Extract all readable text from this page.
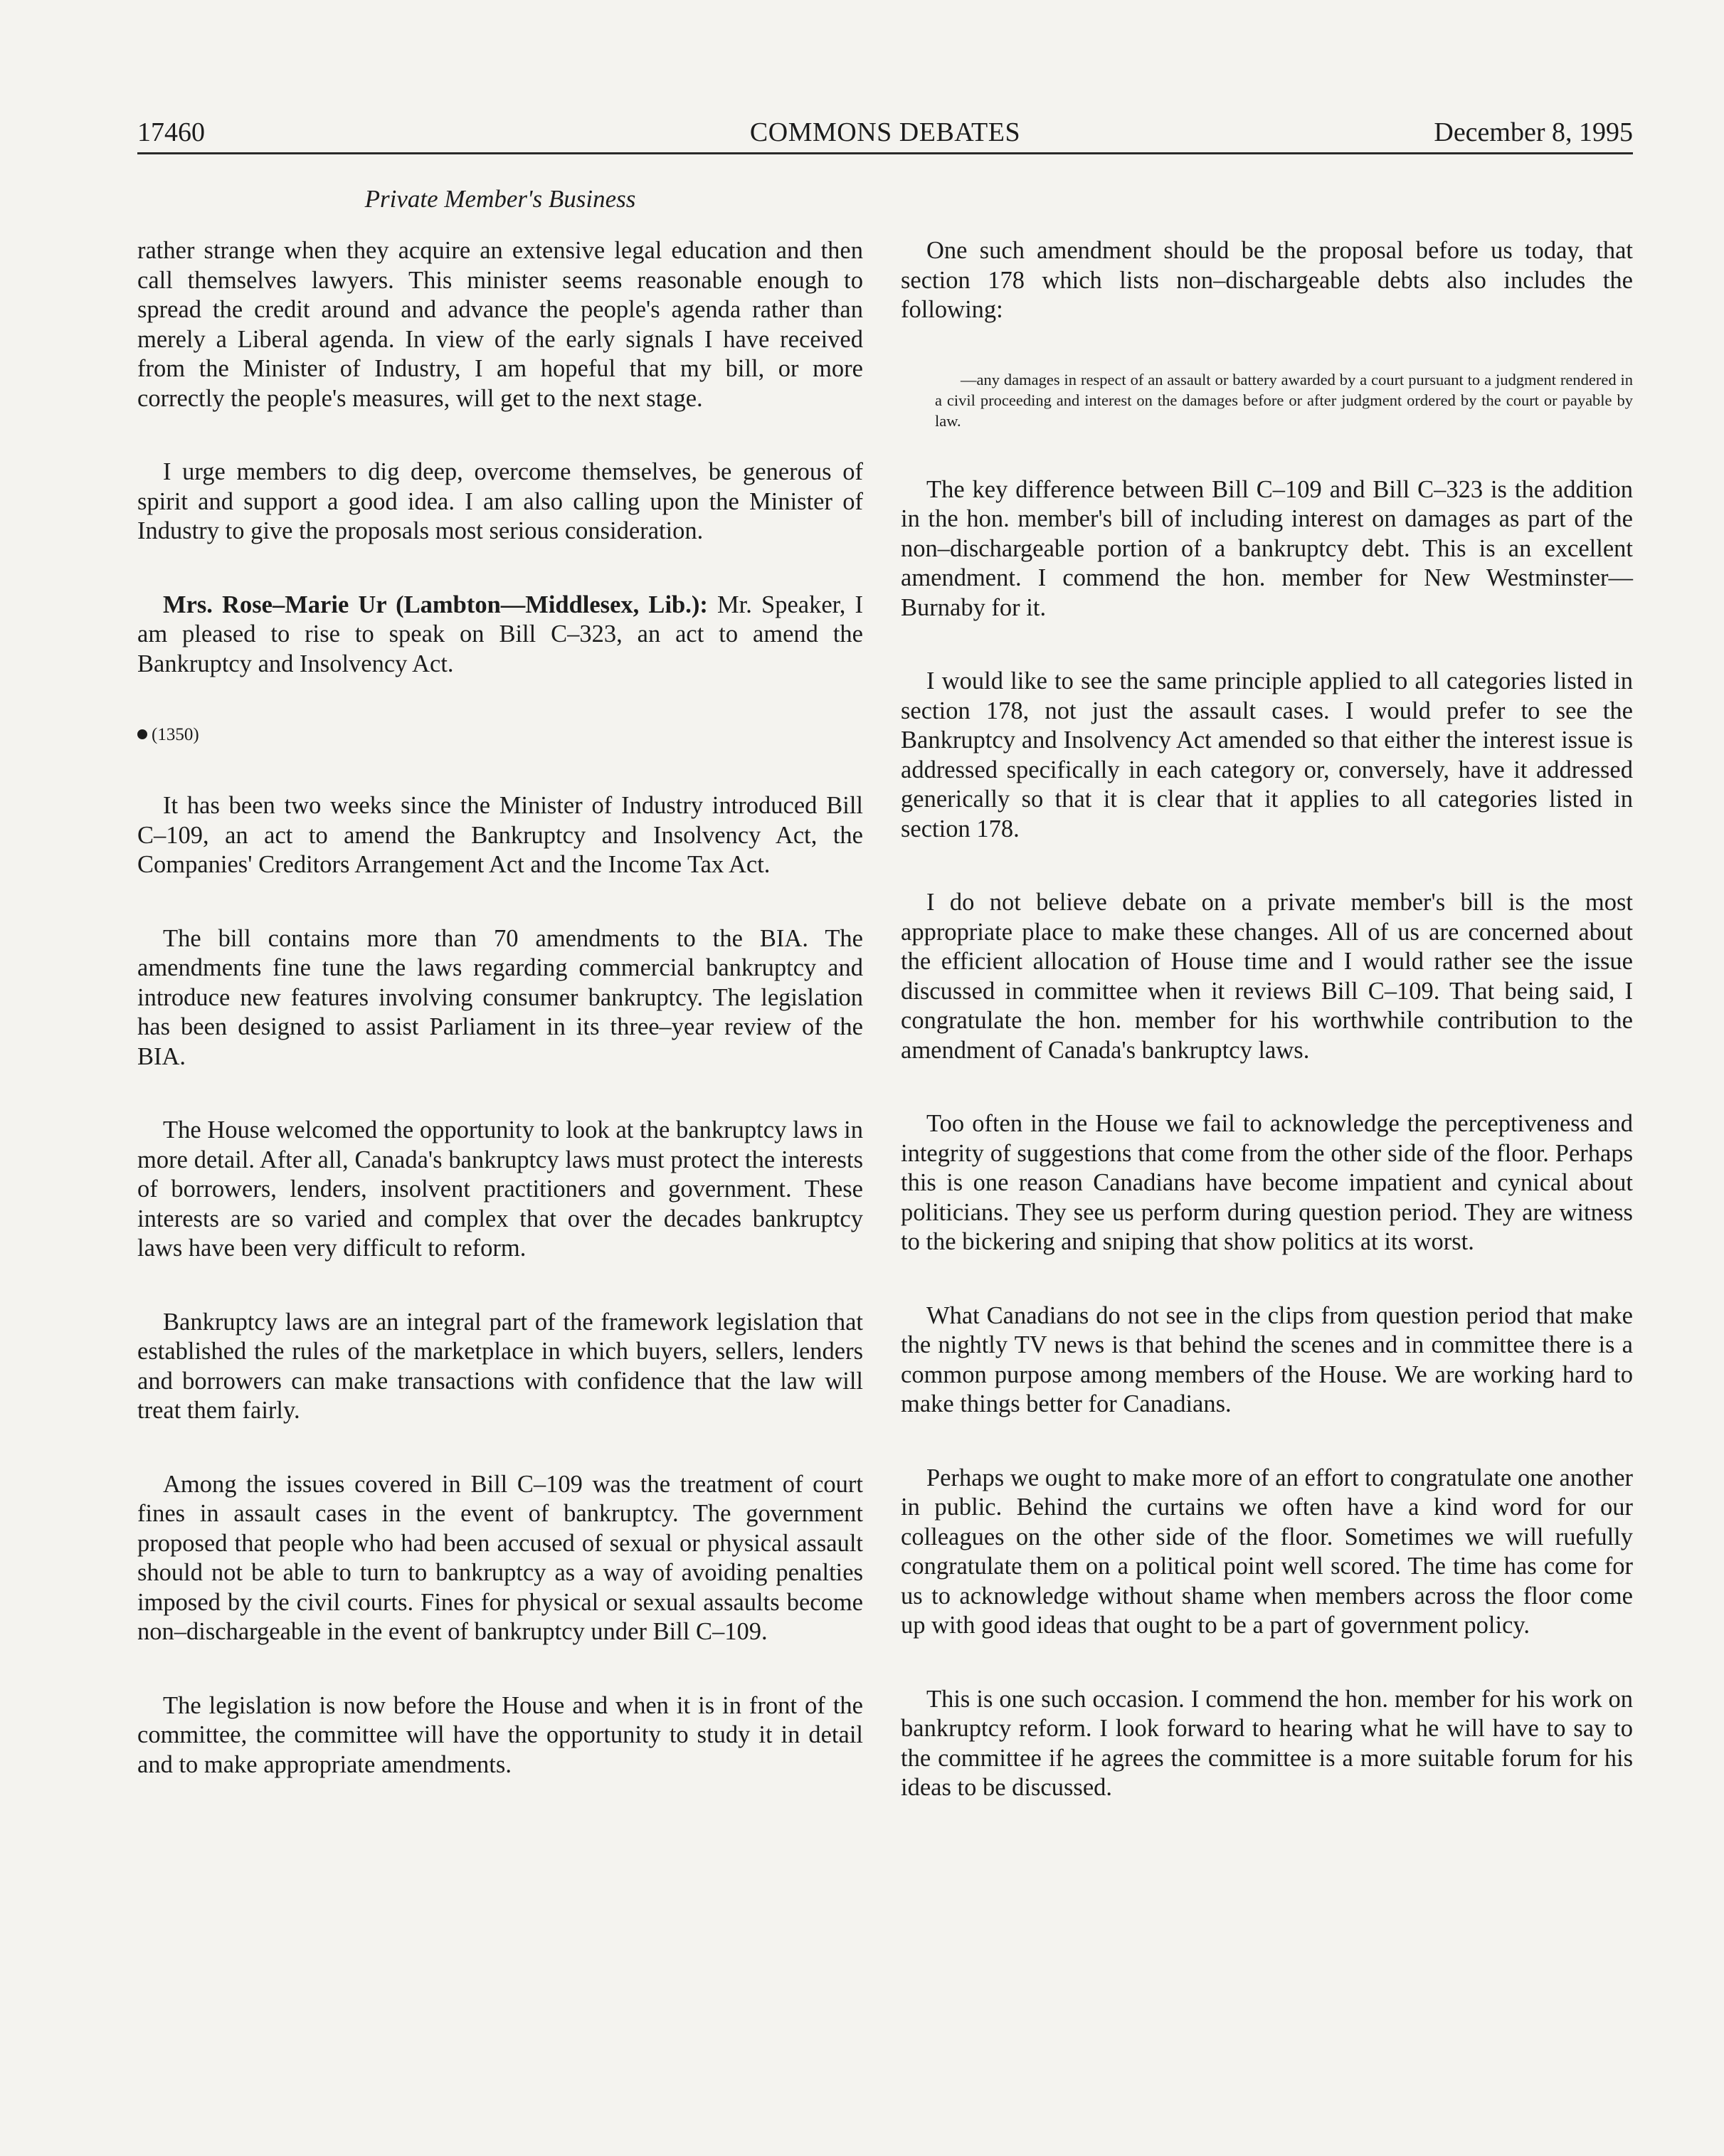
17460	COMMONS DEBATES	December 8, 1995
Private Member's Business

rather strange when they acquire an extensive legal education and then call themselves lawyers. This minister seems reasonable enough to spread the credit around and advance the people's agenda rather than merely a Liberal agenda. In view of the early signals I have received from the Minister of Industry, I am hopeful that my bill, or more correctly the people's measures, will get to the next stage.

I urge members to dig deep, overcome themselves, be generous of spirit and support a good idea. I am also calling upon the Minister of Industry to give the proposals most serious consideration.

Mrs. Rose–Marie Ur (Lambton—Middlesex, Lib.): Mr. Speaker, I am pleased to rise to speak on Bill C–323, an act to amend the Bankruptcy and Insolvency Act.

(1350)

It has been two weeks since the Minister of Industry introduced Bill C–109, an act to amend the Bankruptcy and Insolvency Act, the Companies' Creditors Arrangement Act and the Income Tax Act.

The bill contains more than 70 amendments to the BIA. The amendments fine tune the laws regarding commercial bankruptcy and introduce new features involving consumer bankruptcy. The legislation has been designed to assist Parliament in its three–year review of the BIA.

The House welcomed the opportunity to look at the bankruptcy laws in more detail. After all, Canada's bankruptcy laws must protect the interests of borrowers, lenders, insolvent practitioners and government. These interests are so varied and complex that over the decades bankruptcy laws have been very difficult to reform.

Bankruptcy laws are an integral part of the framework legislation that established the rules of the marketplace in which buyers, sellers, lenders and borrowers can make transactions with confidence that the law will treat them fairly.

Among the issues covered in Bill C–109 was the treatment of court fines in assault cases in the event of bankruptcy. The government proposed that people who had been accused of sexual or physical assault should not be able to turn to bankruptcy as a way of avoiding penalties imposed by the civil courts. Fines for physical or sexual assaults become non–dischargeable in the event of bankruptcy under Bill C–109.

The legislation is now before the House and when it is in front of the committee, the committee will have the opportunity to study it in detail and to make appropriate amendments.

One such amendment should be the proposal before us today, that section 178 which lists non–dischargeable debts also includes the following:

—any damages in respect of an assault or battery awarded by a court pursuant to a judgment rendered in a civil proceeding and interest on the damages before or after judgment ordered by the court or payable by law.

The key difference between Bill C–109 and Bill C–323 is the addition in the hon. member's bill of including interest on damages as part of the non–dischargeable portion of a bankruptcy debt. This is an excellent amendment. I commend the hon. member for New Westminster—Burnaby for it.

I would like to see the same principle applied to all categories listed in section 178, not just the assault cases. I would prefer to see the Bankruptcy and Insolvency Act amended so that either the interest issue is addressed specifically in each category or, conversely, have it addressed generically so that it is clear that it applies to all categories listed in section 178.

I do not believe debate on a private member's bill is the most appropriate place to make these changes. All of us are concerned about the efficient allocation of House time and I would rather see the issue discussed in committee when it reviews Bill C–109. That being said, I congratulate the hon. member for his worthwhile contribution to the amendment of Canada's bankruptcy laws.

Too often in the House we fail to acknowledge the perceptiveness and integrity of suggestions that come from the other side of the floor. Perhaps this is one reason Canadians have become impatient and cynical about politicians. They see us perform during question period. They are witness to the bickering and sniping that show politics at its worst.

What Canadians do not see in the clips from question period that make the nightly TV news is that behind the scenes and in committee there is a common purpose among members of the House. We are working hard to make things better for Canadians.

Perhaps we ought to make more of an effort to congratulate one another in public. Behind the curtains we often have a kind word for our colleagues on the other side of the floor. Sometimes we will ruefully congratulate them on a political point well scored. The time has come for us to acknowledge without shame when members across the floor come up with good ideas that ought to be a part of government policy.

This is one such occasion. I commend the hon. member for his work on bankruptcy reform. I look forward to hearing what he will have to say to the committee if he agrees the committee is a more suitable forum for his ideas to be discussed.
